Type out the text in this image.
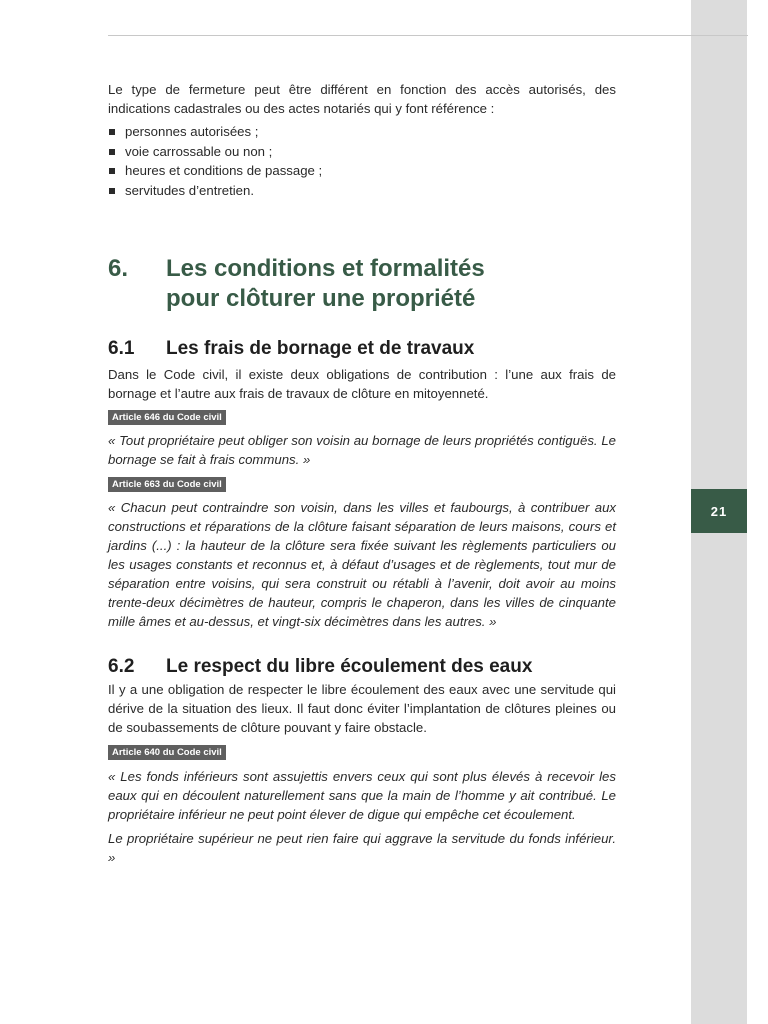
21

Le type de fermeture peut être différent en fonction des accès autorisés, des indications cadastrales ou des actes notariés qui y font référence :

personnes autorisées ;
voie carrossable ou non ;
heures et conditions de passage ;
servitudes d’entretien.
6.	Les conditions et formalités
pour clôturer une propriété
6.1	Les frais de bornage et de travaux

Dans le Code civil, il existe deux obligations de contribution : l’une aux frais de bornage et l’autre aux frais de travaux de clôture en mitoyenneté.

Article 646 du Code civil

« Tout propriétaire peut obliger son voisin au bornage de leurs propriétés contiguës. Le bornage se fait à frais communs. »

Article 663 du Code civil

« Chacun peut contraindre son voisin, dans les villes et faubourgs, à contribuer aux constructions et réparations de la clôture faisant séparation de leurs maisons, cours et jardins (...) : la hauteur de la clôture sera fixée suivant les règlements particuliers ou les usages constants et reconnus et, à défaut d’usages et de règlements, tout mur de séparation entre voisins, qui sera construit ou rétabli à l’avenir, doit avoir au moins trente-deux décimètres de hauteur, compris le chaperon, dans les villes de cinquante mille âmes et au-dessus, et vingt-six décimètres dans les autres. »

6.2	Le respect du libre écoulement des eaux

Il y a une obligation de respecter le libre écoulement des eaux avec une servitude qui dérive de la situation des lieux. Il faut donc éviter l’implantation de clôtures pleines ou de soubassements de clôture pouvant y faire obstacle.

Article 640 du Code civil

« Les fonds inférieurs sont assujettis envers ceux qui sont plus élevés à recevoir les eaux qui en découlent naturellement sans que la main de l’homme y ait contribué. Le propriétaire inférieur ne peut point élever de digue qui empêche cet écoulement.

Le propriétaire supérieur ne peut rien faire qui aggrave la servitude du fonds inférieur. »
